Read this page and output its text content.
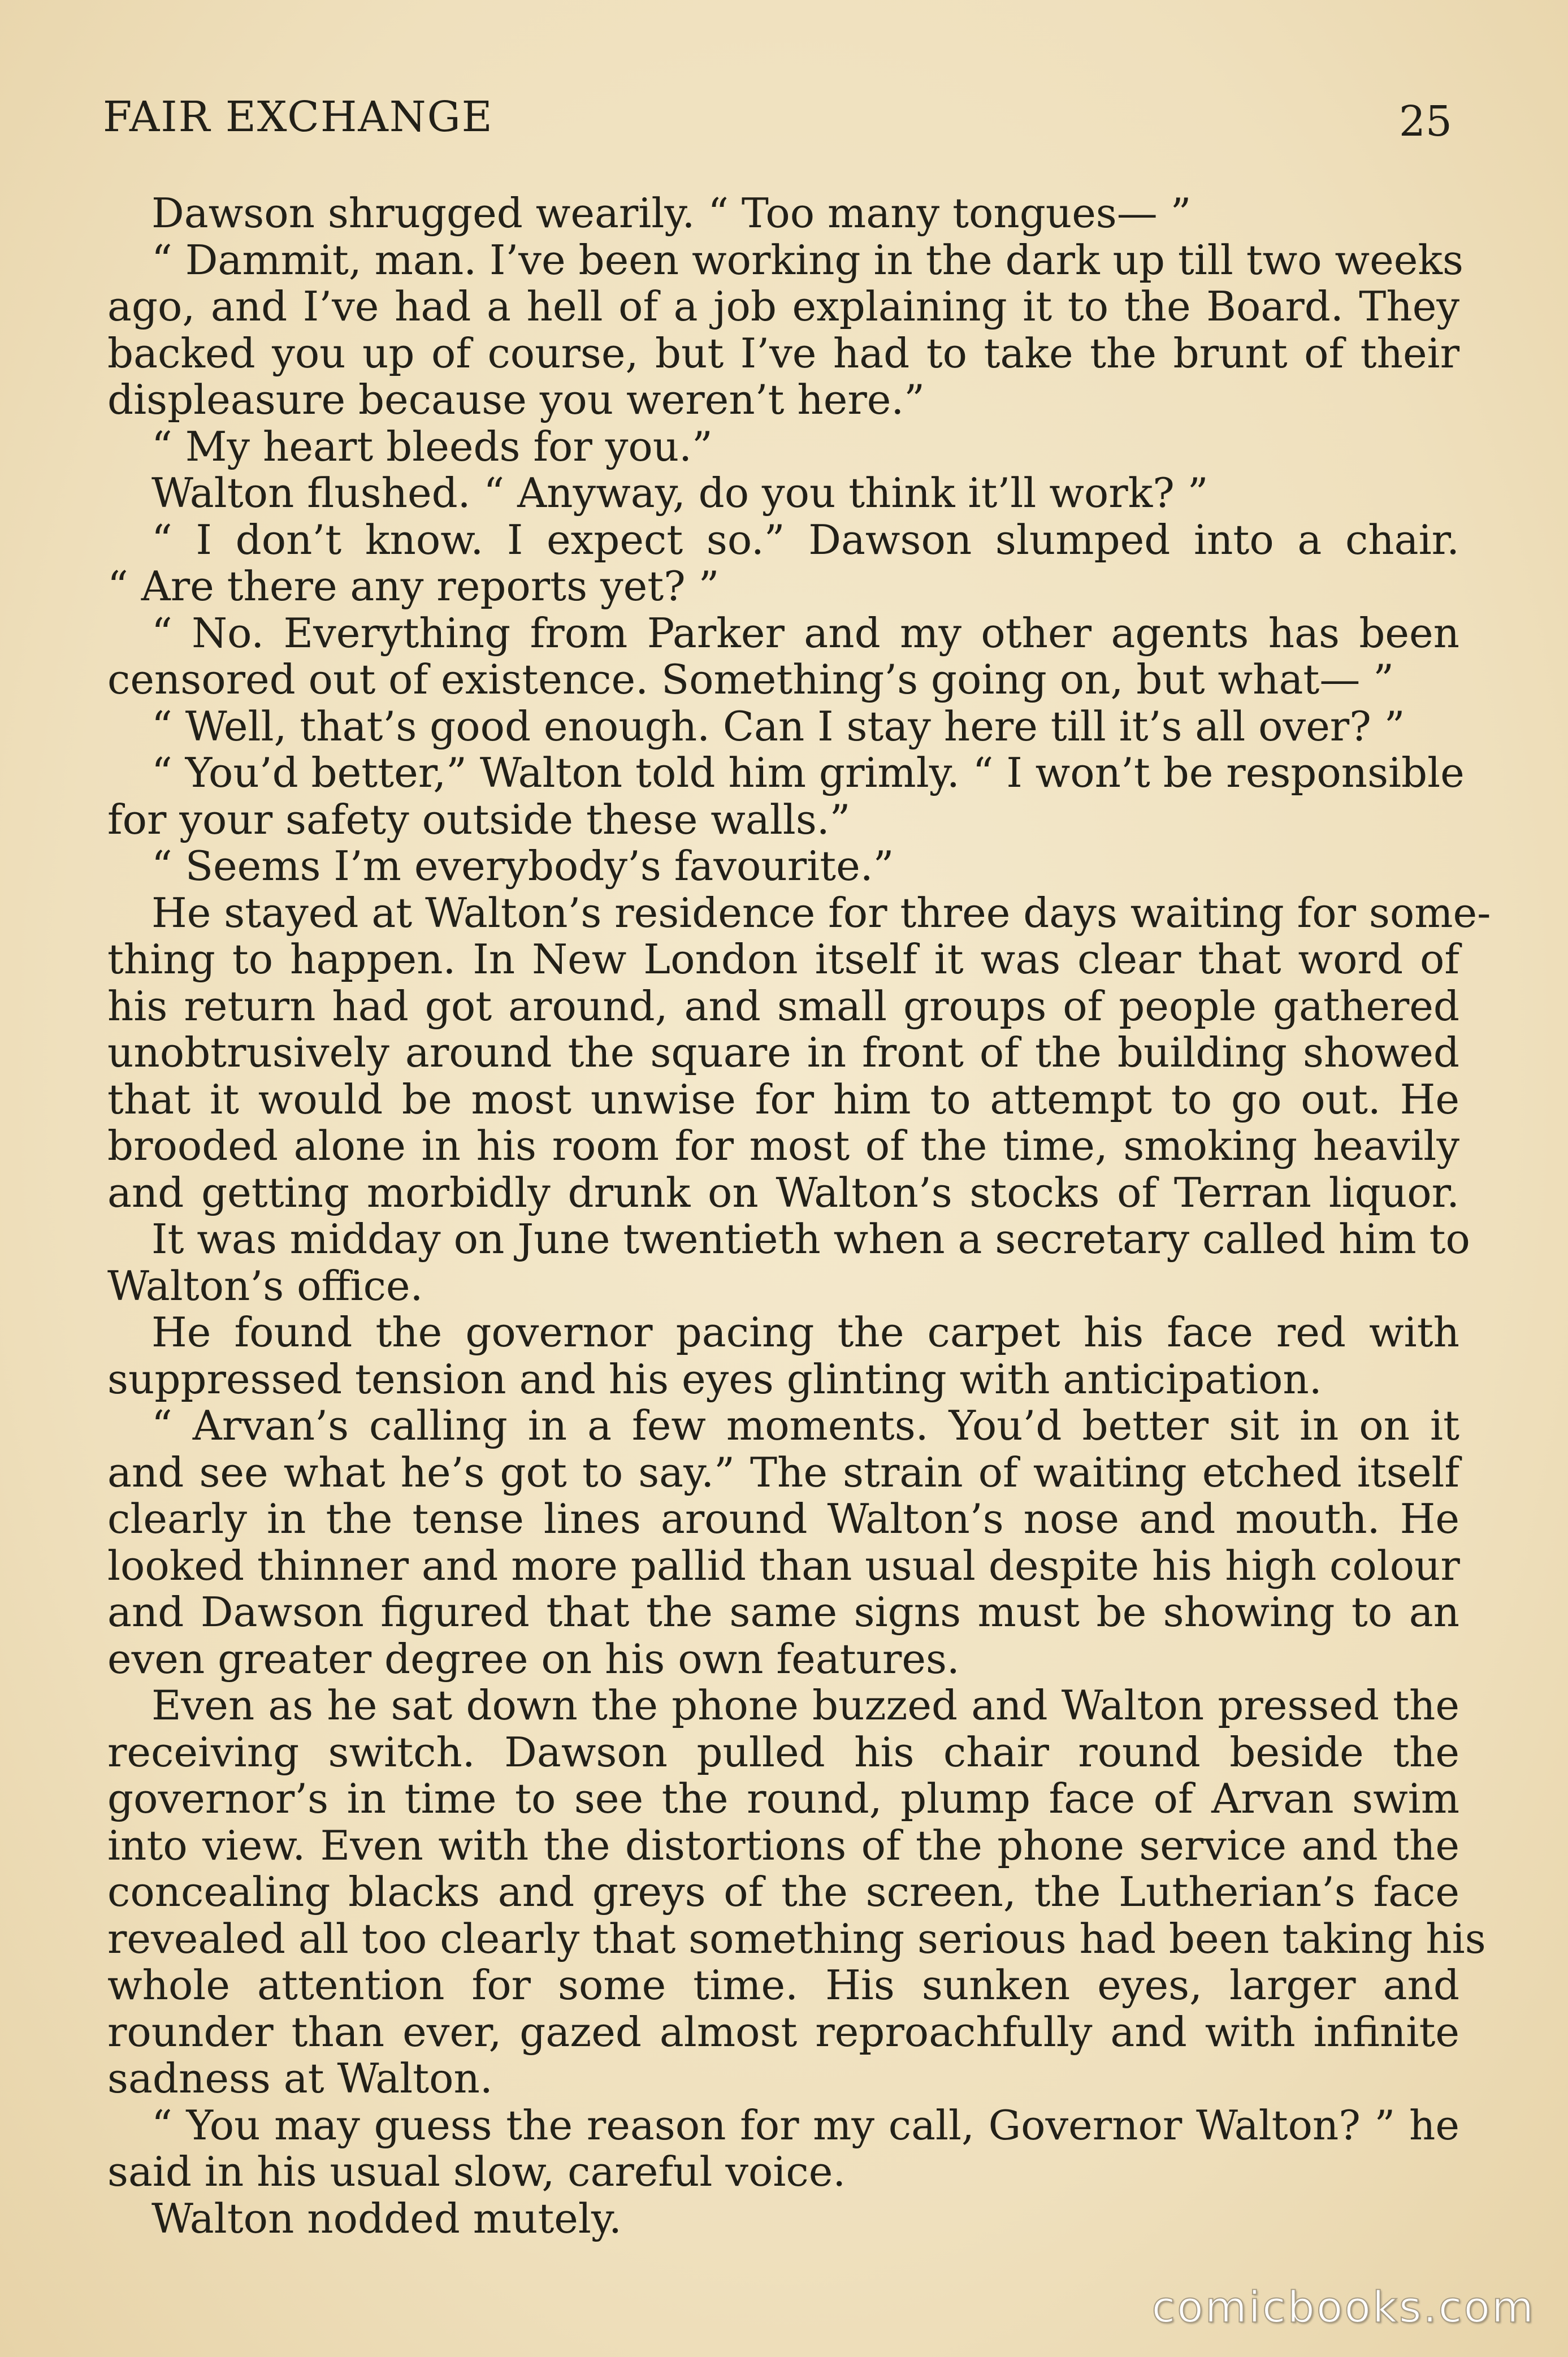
FAIR EXCHANGE	25
Dawson shrugged wearily. “ Too many tongues— ”
“ Dammit, man. I’ve been working in the dark up till two weeks
ago, and I’ve had a hell of a job explaining it to the Board. They
backed you up of course, but I’ve had to take the brunt of their
displeasure because you weren’t here.”
“ My heart bleeds for you.”
Walton flushed. “ Anyway, do you think it’ll work? ”
“ I don’t know. I expect so.” Dawson slumped into a chair.
“ Are there any reports yet? ”
“ No. Everything from Parker and my other agents has been
censored out of existence. Something’s going on, but what— ”
“ Well, that’s good enough. Can I stay here till it’s all over? ”
“ You’d better,” Walton told him grimly. “ I won’t be responsible
for your safety outside these walls.”
“ Seems I’m everybody’s favourite.”
He stayed at Walton’s residence for three days waiting for some-
thing to happen. In New London itself it was clear that word of
his return had got around, and small groups of people gathered
unobtrusively around the square in front of the building showed
that it would be most unwise for him to attempt to go out. He
brooded alone in his room for most of the time, smoking heavily
and getting morbidly drunk on Walton’s stocks of Terran liquor.
It was midday on June twentieth when a secretary called him to
Walton’s office.
He found the governor pacing the carpet his face red with
suppressed tension and his eyes glinting with anticipation.
“ Arvan’s calling in a few moments. You’d better sit in on it
and see what he’s got to say.” The strain of waiting etched itself
clearly in the tense lines around Walton’s nose and mouth. He
looked thinner and more pallid than usual despite his high colour
and Dawson figured that the same signs must be showing to an
even greater degree on his own features.
Even as he sat down the phone buzzed and Walton pressed the
receiving switch. Dawson pulled his chair round beside the
governor’s in time to see the round, plump face of Arvan swim
into view. Even with the distortions of the phone service and the
concealing blacks and greys of the screen, the Lutherian’s face
revealed all too clearly that something serious had been taking his
whole attention for some time. His sunken eyes, larger and
rounder than ever, gazed almost reproachfully and with infinite
sadness at Walton.
“ You may guess the reason for my call, Governor Walton? ” he
said in his usual slow, careful voice.
Walton nodded mutely.
comicbooks.com
